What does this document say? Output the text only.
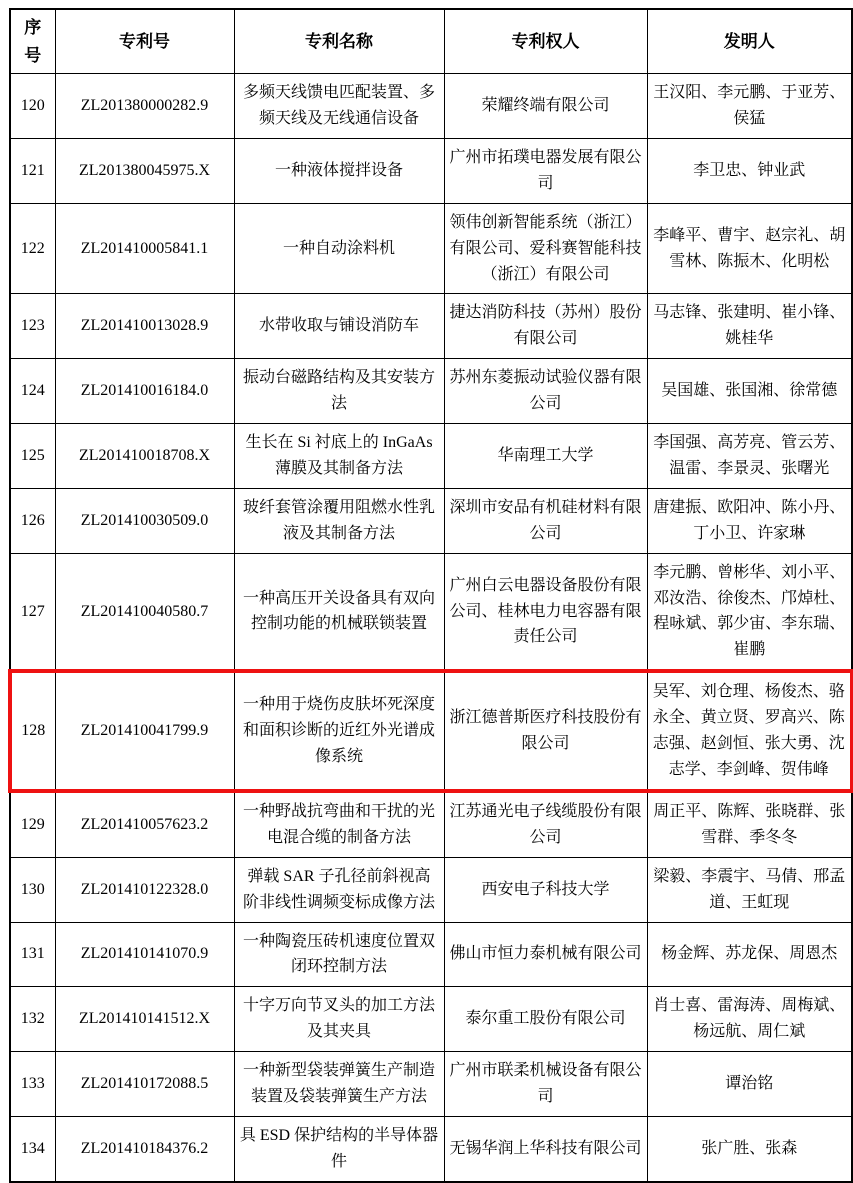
序号	专利号	专利名称	专利权人	发明人
120	ZL201380000282.9	多频天线馈电匹配装置、多频天线及无线通信设备	荣耀终端有限公司	王汉阳、李元鹏、于亚芳、侯猛
121	ZL201380045975.X	一种液体搅拌设备	广州市拓璞电器发展有限公司	李卫忠、钟业武
122	ZL201410005841.1	一种自动涂料机	领伟创新智能系统（浙江）有限公司、爱科赛智能科技（浙江）有限公司	李峰平、曹宇、赵宗礼、胡雪林、陈振木、化明松
123	ZL201410013028.9	水带收取与铺设消防车	捷达消防科技（苏州）股份有限公司	马志锋、张建明、崔小锋、姚桂华
124	ZL201410016184.0	振动台磁路结构及其安装方法	苏州东菱振动试验仪器有限公司	吴国雄、张国湘、徐常德
125	ZL201410018708.X	生长在 Si 衬底上的 InGaAs 薄膜及其制备方法	华南理工大学	李国强、高芳亮、管云芳、温雷、李景灵、张曙光
126	ZL201410030509.0	玻纤套管涂覆用阻燃水性乳液及其制备方法	深圳市安品有机硅材料有限公司	唐建振、欧阳冲、陈小丹、丁小卫、许家琳
127	ZL201410040580.7	一种高压开关设备具有双向控制功能的机械联锁装置	广州白云电器设备股份有限公司、桂林电力电容器有限责任公司	李元鹏、曾彬华、刘小平、邓汝浩、徐俊杰、邝焯杜、程咏斌、郭少宙、李东瑞、崔鹏
128	ZL201410041799.9	一种用于烧伤皮肤坏死深度和面积诊断的近红外光谱成像系统	浙江德普斯医疗科技股份有限公司	吴军、刘仓理、杨俊杰、骆永全、黄立贤、罗高兴、陈志强、赵剑恒、张大勇、沈志学、李剑峰、贺伟峰
129	ZL201410057623.2	一种野战抗弯曲和干扰的光电混合缆的制备方法	江苏通光电子线缆股份有限公司	周正平、陈辉、张晓群、张雪群、季冬冬
130	ZL201410122328.0	弹载 SAR 子孔径前斜视高阶非线性调频变标成像方法	西安电子科技大学	梁毅、李震宇、马倩、邢孟道、王虹现
131	ZL201410141070.9	一种陶瓷压砖机速度位置双闭环控制方法	佛山市恒力泰机械有限公司	杨金辉、苏龙保、周恩杰
132	ZL201410141512.X	十字万向节叉头的加工方法及其夹具	泰尔重工股份有限公司	肖士喜、雷海涛、周梅斌、杨远航、周仁斌
133	ZL201410172088.5	一种新型袋装弹簧生产制造装置及袋装弹簧生产方法	广州市联柔机械设备有限公司	谭治铭
134	ZL201410184376.2	具 ESD 保护结构的半导体器件	无锡华润上华科技有限公司	张广胜、张森
